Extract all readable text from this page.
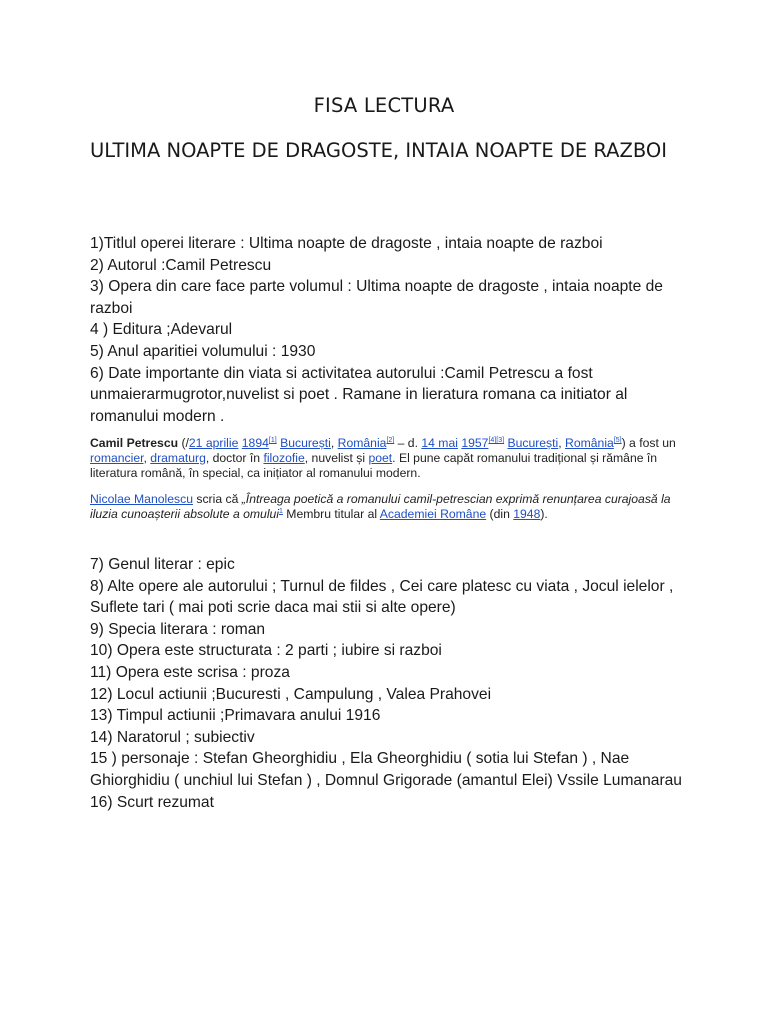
FISA LECTURA
ULTIMA NOAPTE DE DRAGOSTE, INTAIA NOAPTE DE RAZBOI
1)Titlul operei literare : Ultima noapte de dragoste , intaia noapte de razboi
2) Autorul :Camil Petrescu
3) Opera din care face parte volumul : Ultima noapte de dragoste , intaia noapte de razboi
4 ) Editura ;Adevarul
5) Anul aparitiei volumului : 1930
6) Date importante din viata si activitatea autorului :Camil Petrescu a fost unmaierarmugrotor,nuvelist si poet . Ramane in lieratura romana ca initiator al romanului modern .
Camil Petrescu (/21 aprilie 1894[1] București, România[2] – d. 14 mai 1957[4][3] București, România[5]) a fost un romancier, dramaturg, doctor în filozofie, nuvelist și poet. El pune capăt romanului tradițional și rămâne în literatura română, în special, ca inițiator al romanului modern.
Nicolae Manolescu scria că „Întreaga poetică a romanului camil-petrescian exprimă renunțarea curajoasă la iluzia cunoașterii absolute a omului$^1$ Membru titular al Academiei Române (din 1948).
7) Genul literar : epic
8) Alte opere ale autorului ; Turnul de fildes , Cei care platesc cu viata , Jocul ielelor , Suflete tari ( mai poti scrie daca mai stii si alte opere)
9) Specia literara : roman
10) Opera este structurata : 2 parti ; iubire si razboi
11) Opera este scrisa : proza
12) Locul actiunii ;Bucuresti , Campulung , Valea Prahovei
13) Timpul actiunii ;Primavara anului 1916
14) Naratorul ; subiectiv
15 ) personaje : Stefan Gheorghidiu , Ela Gheorghidiu ( sotia lui Stefan ) , Nae Ghiorghidiu ( unchiul lui Stefan ) , Domnul Grigorade (amantul Elei) Vssile Lumanarau
16) Scurt rezumat
